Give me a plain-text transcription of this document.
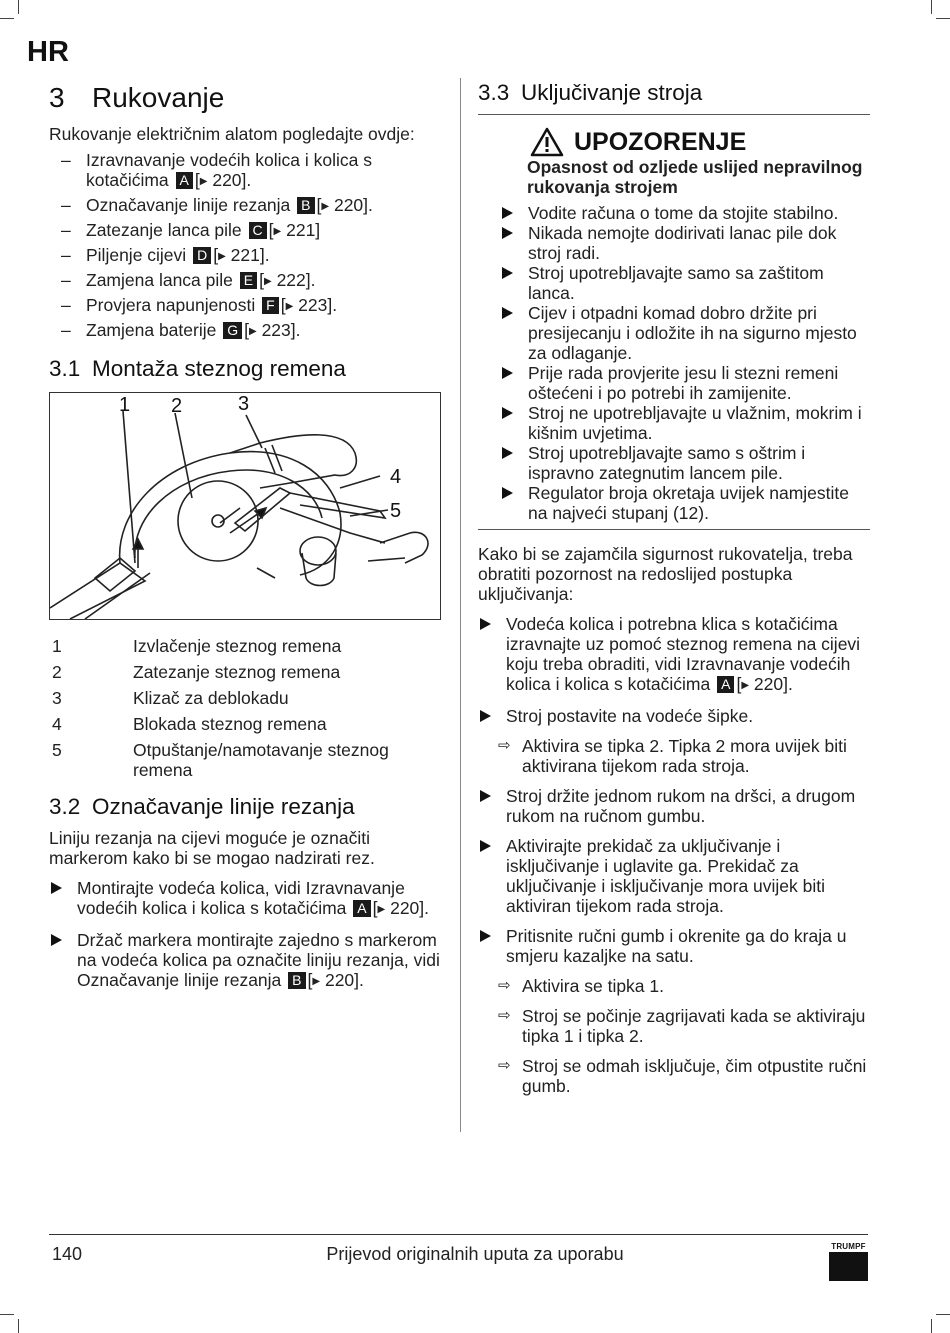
HR
3 Rukovanje

Rukovanje električnim alatom pogledajte ovdje:

– Izravnavanje vodećih kolica i kolica s kotačićima A [▶ 220].
– Označavanje linije rezanja B [▶ 220].
– Zatezanje lanca pile C [▶ 221]
– Piljenje cijevi D [▶ 221].
– Zamjena lanca pile E [▶ 222].
– Provjera napunjenosti F [▶ 223].
– Zamjena baterije G [▶ 223].
3.1 Montaža steznog remena
1 2	3
4
5
1	Izvlačenje steznog remena
2	Zatezanje steznog remena
3	Klizač za deblokadu
4	Blokada steznog remena
5	Otpuštanje/namotavanje steznog remena
3.2 Označavanje linije rezanja

Liniju rezanja na cijevi moguće je označiti markerom kako bi se mogao nadzirati rez.

Montirajte vodeća kolica, vidi Izravnavanje vodećih kolica i kolica s kotačićima A [▶ 220].
Držač markera montirajte zajedno s markerom na vodeća kolica pa označite liniju rezanja, vidi Označavanje linije rezanja B [▶ 220].
3.3 Uključivanje stroja
UPOZORENJE
Opasnost od ozljede uslijed nepravilnog rukovanja strojem
Vodite računa o tome da stojite stabilno.
Nikada nemojte dodirivati lanac pile dok stroj radi.
Stroj upotrebljavajte samo sa zaštitom lanca.
Cijev i otpadni komad dobro držite pri presijecanju i odložite ih na sigurno mjesto za odlaganje.
Prije rada provjerite jesu li stezni remeni oštećeni i po potrebi ih zamijenite.
Stroj ne upotrebljavajte u vlažnim, mokrim i kišnim uvjetima.
Stroj upotrebljavajte samo s oštrim i ispravno zategnutim lancem pile.
Regulator broja okretaja uvijek namjestite na najveći stupanj (12).

Kako bi se zajamčila sigurnost rukovatelja, treba obratiti pozornost na redoslijed postupka uključivanja:

Vodeća kolica i potrebna klica s kotačićima izravnajte uz pomoć steznog remena na cijevi koju treba obraditi, vidi Izravnavanje vodećih kolica i kolica s kotačićima A [▶ 220].
Stroj postavite na vodeće šipke.
⇨ Aktivira se tipka 2. Tipka 2 mora uvijek biti aktivirana tijekom rada stroja.
Stroj držite jednom rukom na dršci, a drugom rukom na ručnom gumbu.
Aktivirajte prekidač za uključivanje i isključivanje i uglavite ga. Prekidač za uključivanje i isključivanje mora uvijek biti aktiviran tijekom rada stroja.
Pritisnite ručni gumb i okrenite ga do kraja u smjeru kazaljke na satu.
⇨ Aktivira se tipka 1.
⇨ Stroj se počinje zagrijavati kada se aktiviraju tipka 1 i tipka 2.
⇨ Stroj se odmah isključuje, čim otpustite ručni gumb.
140	Prijevod originalnih uputa za uporabu	TRUMPF
